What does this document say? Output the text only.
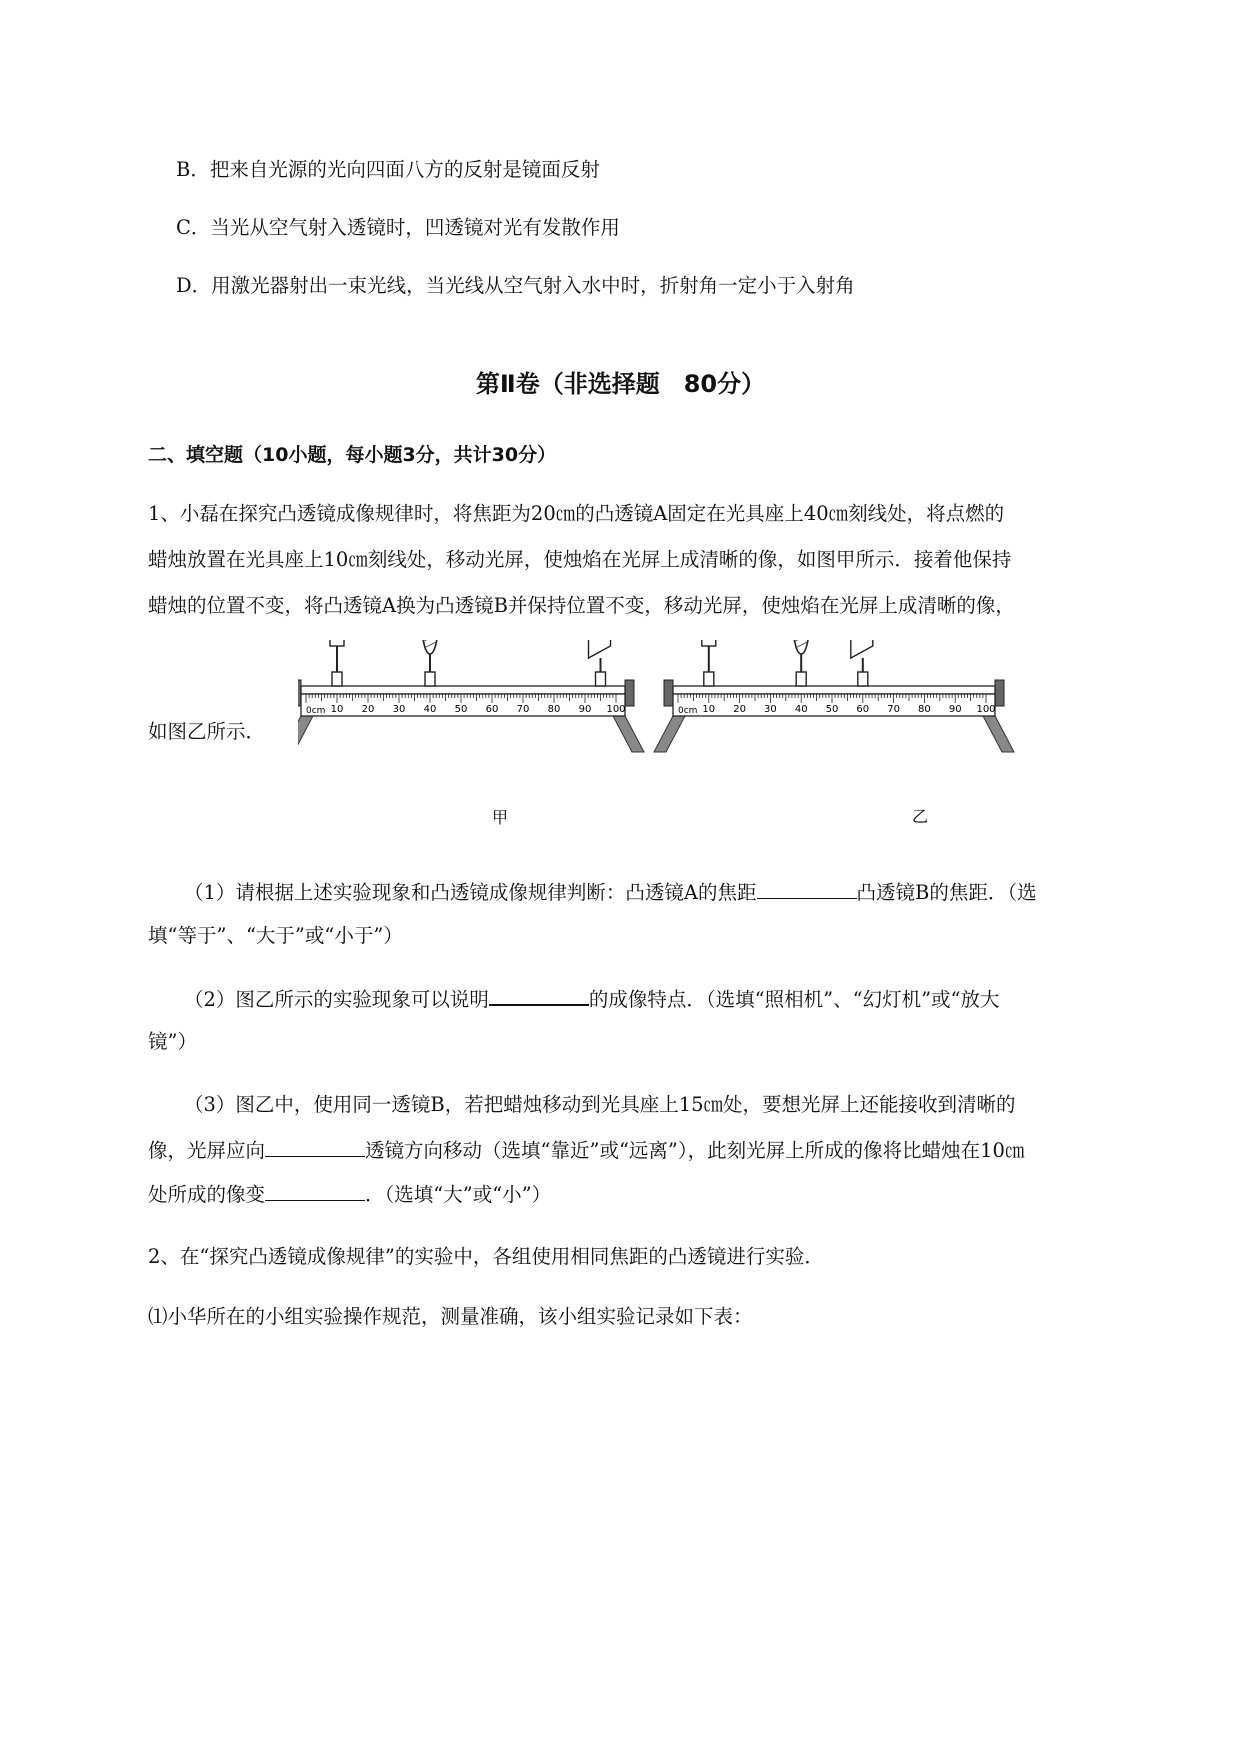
B．把来自光源的光向四面八方的反射是镜面反射
C．当光从空气射入透镜时，凹透镜对光有发散作用
D．用激光器射出一束光线，当光线从空气射入水中时，折射角一定小于入射角
第Ⅱ卷（非选择题　80分）
二、填空题（10小题，每小题3分，共计30分）
1、小磊在探究凸透镜成像规律时，将焦距为20㎝的凸透镜A固定在光具座上40㎝刻线处，将点燃的
蜡烛放置在光具座上10㎝刻线处，移动光屏，使烛焰在光屏上成清晰的像，如图甲所示．接着他保持
蜡烛的位置不变，将凸透镜A换为凸透镜B并保持位置不变，移动光屏，使烛焰在光屏上成清晰的像，
如图乙所示．
0cm 10 20 30 40 50 60 70 80 90 100	0cm 10 20 30 40 50 60 70 80 90 100
甲	乙
（1）请根据上述实验现象和凸透镜成像规律判断：凸透镜A的焦距	凸透镜B的焦距．（选
填“等于”、“大于”或“小于”）
（2）图乙所示的实验现象可以说明	的成像特点．（选填“照相机”、“幻灯机”或“放大
镜”）
（3）图乙中，使用同一透镜B，若把蜡烛移动到光具座上15㎝处，要想光屏上还能接收到清晰的
像，光屏应向	透镜方向移动（选填“靠近”或“远离”），此刻光屏上所成的像将比蜡烛在10㎝
处所成的像变	．（选填“大”或“小”）
2、在“探究凸透镜成像规律”的实验中，各组使用相同焦距的凸透镜进行实验．
⑴小华所在的小组实验操作规范，测量准确，该小组实验记录如下表：
